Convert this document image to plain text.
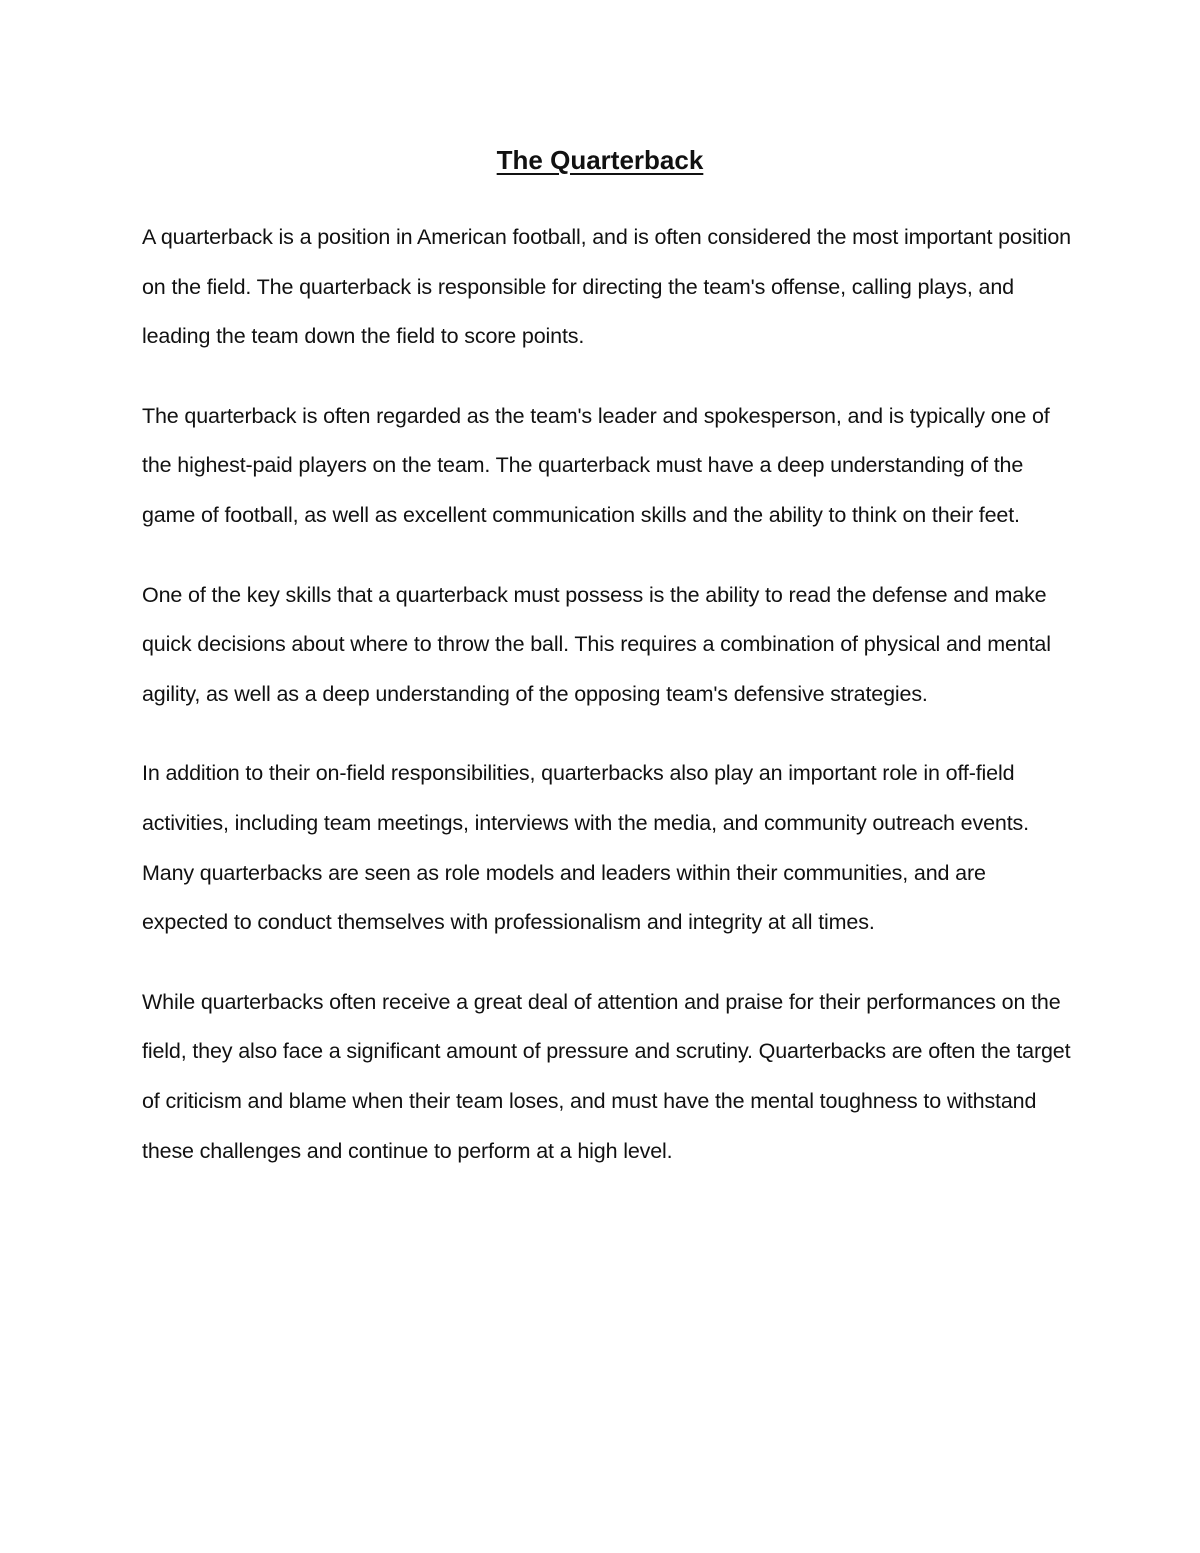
The Quarterback

A quarterback is a position in American football, and is often considered the most important position on the field. The quarterback is responsible for directing the team's offense, calling plays, and leading the team down the field to score points.

The quarterback is often regarded as the team's leader and spokesperson, and is typically one of the highest-paid players on the team. The quarterback must have a deep understanding of the game of football, as well as excellent communication skills and the ability to think on their feet.

One of the key skills that a quarterback must possess is the ability to read the defense and make quick decisions about where to throw the ball. This requires a combination of physical and mental agility, as well as a deep understanding of the opposing team's defensive strategies.

In addition to their on-field responsibilities, quarterbacks also play an important role in off-field activities, including team meetings, interviews with the media, and community outreach events. Many quarterbacks are seen as role models and leaders within their communities, and are expected to conduct themselves with professionalism and integrity at all times.

While quarterbacks often receive a great deal of attention and praise for their performances on the field, they also face a significant amount of pressure and scrutiny. Quarterbacks are often the target of criticism and blame when their team loses, and must have the mental toughness to withstand these challenges and continue to perform at a high level.
